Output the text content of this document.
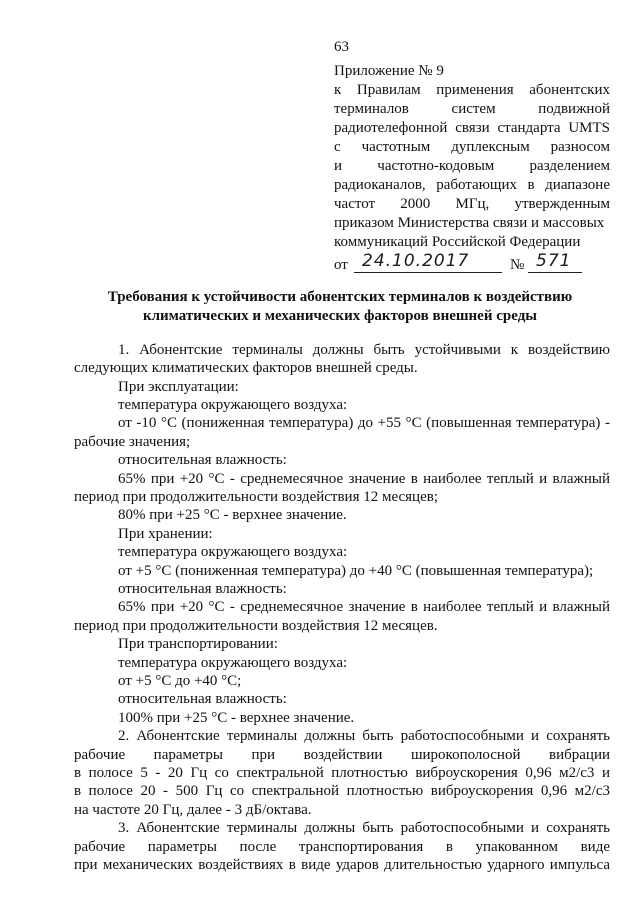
63
Приложение № 9
к Правилам применения абонентских
терминалов систем подвижной
радиотелефонной связи стандарта UMTS
с частотным дуплексным разносом
и частотно-кодовым разделением
радиоканалов, работающих в диапазоне
частот 2000 МГц, утвержденным
приказом Министерства связи и массовых
коммуникаций Российской Федерации
от 24.10.2017	№ 571
Требования к устойчивости абонентских терминалов к воздействию
климатических и механических факторов внешней среды
1. Абонентские терминалы должны быть устойчивыми к воздействию
следующих климатических факторов внешней среды.
При эксплуатации:
температура окружающего воздуха:
от -10 °С (пониженная температура) до +55 °С (повышенная температура) -
рабочие значения;
относительная влажность:
65% при +20 °С - среднемесячное значение в наиболее теплый и влажный
период при продолжительности воздействия 12 месяцев;
80% при +25 °С - верхнее значение.
При хранении:
температура окружающего воздуха:
от +5 °С (пониженная температура) до +40 °С (повышенная температура);
относительная влажность:
65% при +20 °С - среднемесячное значение в наиболее теплый и влажный
период при продолжительности воздействия 12 месяцев.
При транспортировании:
температура окружающего воздуха:
от +5 °С до +40 °С;
относительная влажность:
100% при +25 °С - верхнее значение.
2. Абонентские терминалы должны быть работоспособными и сохранять
рабочие параметры при воздействии широкополосной вибрации
в полосе 5 - 20 Гц со спектральной плотностью виброускорения 0,96 м2/с3 и
в полосе 20 - 500 Гц со спектральной плотностью виброускорения 0,96 м2/с3
на частоте 20 Гц, далее - 3 дБ/октава.
3. Абонентские терминалы должны быть работоспособными и сохранять
рабочие параметры после транспортирования в упакованном виде
при механических воздействиях в виде ударов длительностью ударного импульса
